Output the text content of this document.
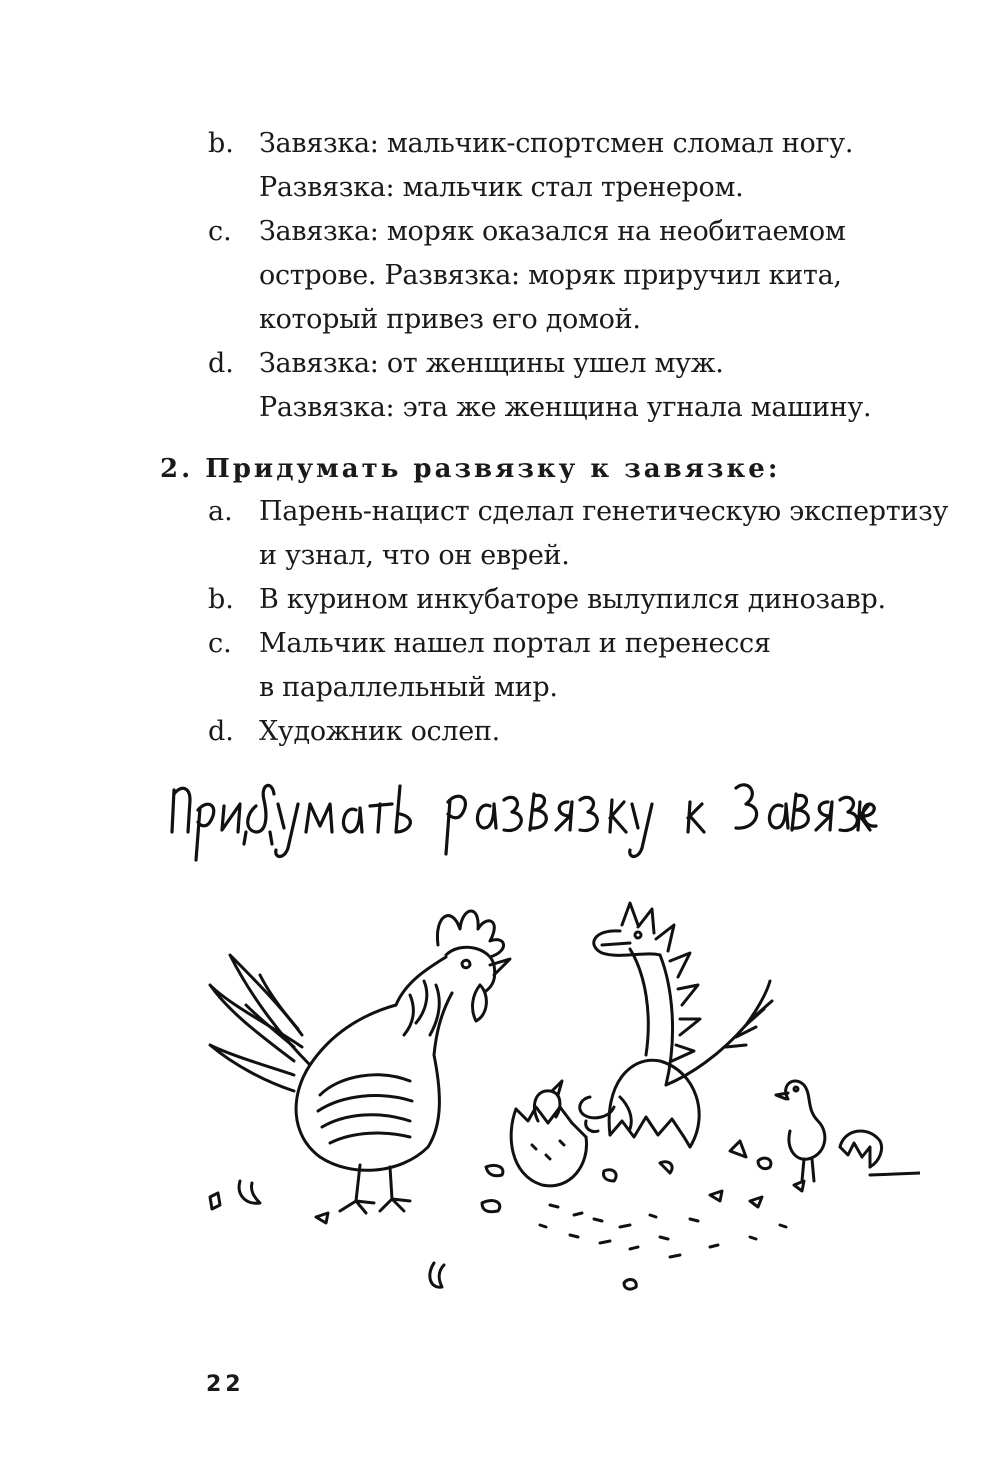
b. Завязка: мальчик-спортсмен сломал ногу.
Развязка: мальчик стал тренером.
c. Завязка: моряк оказался на необитаемом
острове. Развязка: моряк приручил кита,
который привез его домой.
d. Завязка: от женщины ушел муж.
Развязка: эта же женщина угнала машину.
2. Придумать развязку к завязке:
a. Парень-нацист сделал генетическую экспертизу
и узнал, что он еврей.
b. В курином инкубаторе вылупился динозавр.
c. Мальчик нашел портал и перенесся
в параллельный мир.
d. Художник ослеп.
22
